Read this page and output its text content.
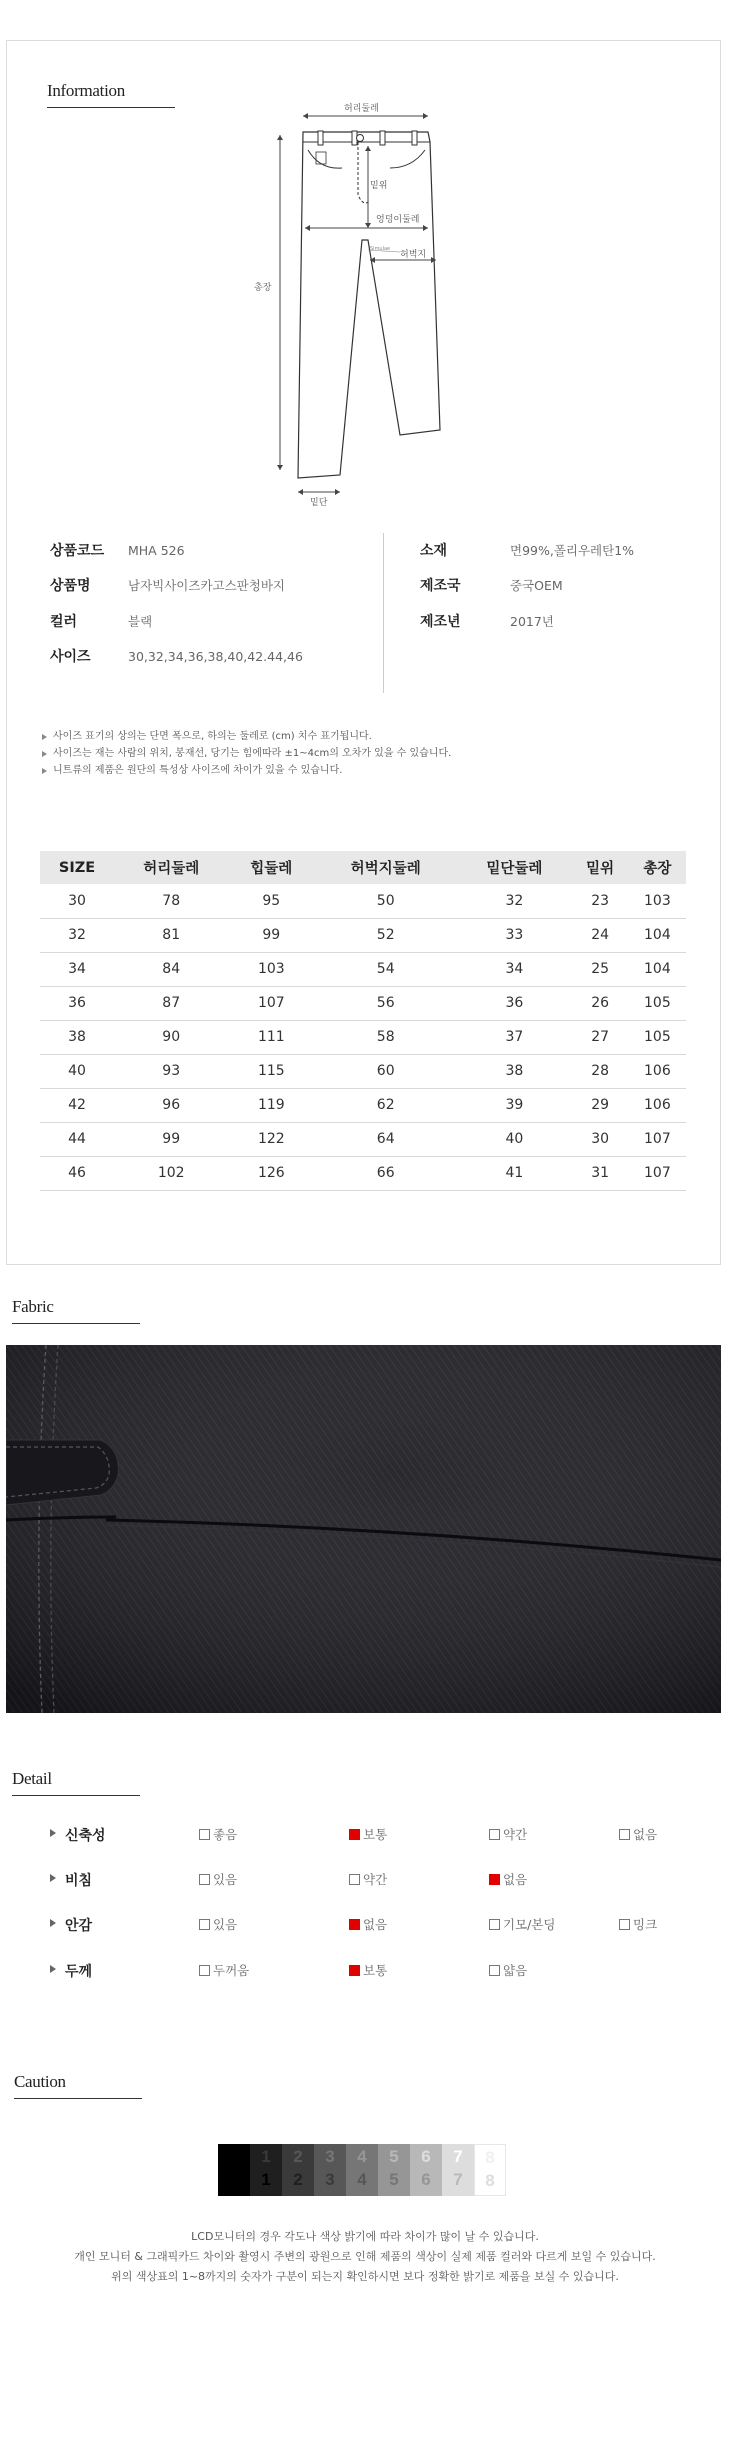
Information
허리둘레
총장
밑위
엉덩이둘레
Simulae
허벅지
밑단
상품코드	MHA 526
상품명	남자빅사이즈카고스판청바지
컬러	블랙
사이즈	30,32,34,36,38,40,42.44,46
소재	면99%,폴리우레탄1%
제조국	중국OEM
제조년	2017년
사이즈 표기의 상의는 단면 폭으로, 하의는 둘레로 (cm) 치수 표기됩니다.
사이즈는 재는 사람의 위치, 봉재선, 당기는 힘에따라 ±1~4cm의 오차가 있을 수 있습니다.
니트류의 제품은 원단의 특성상 사이즈에 차이가 있을 수 있습니다.
SIZE	허리둘레	힙둘레	허벅지둘레	밑단둘레	밑위	총장
30	78	95	50	32	23	103
32	81	99	52	33	24	104
34	84	103	54	34	25	104
36	87	107	56	36	26	105
38	90	111	58	37	27	105
40	93	115	60	38	28	106
42	96	119	62	39	29	106
44	99	122	64	40	30	107
46	102	126	66	41	31	107
Fabric
Detail
신축성	좋음	보통	약간	없음
비침	있음	약간	없음
안감	있음	없음	기모/본딩	밍크
두께	두꺼움	보통	얇음
Caution
1
1
2
2
3
3
4
4
5
5
6
6
7
7
8
8
LCD모니터의 경우 각도나 색상 밝기에 따라 차이가 많이 날 수 있습니다.
개인 모니터 & 그래픽카드 차이와 촬영시 주변의 광원으로 인해 제품의 색상이 실제 제품 컬러와 다르게 보일 수 있습니다.
위의 색상표의 1~8까지의 숫자가 구분이 되는지 확인하시면 보다 정확한 밝기로 제품을 보실 수 있습니다.
